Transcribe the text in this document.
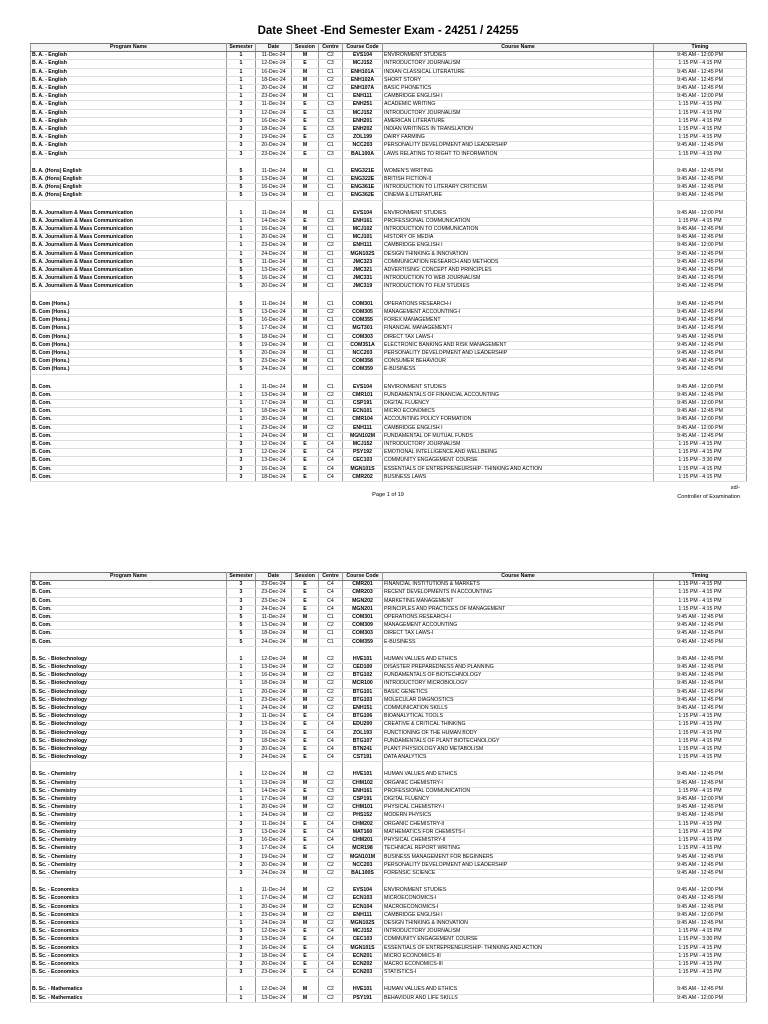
Date Sheet -End Semester Exam - 24251 / 24255
Program Name	Semester	Date	Session	Centre	Course Code	Course Name	Timing
B. A. - English	1	11-Dec-24	M	C2	EVS104	ENVIRONMENT STUDIES	9:45 AM - 12:00 PM
B. A. - English	1	12-Dec-24	E	C3	MCJ152	INTRODUCTORY JOURNALISM	1:15 PM - 4:15 PM
B. A. - English	1	16-Dec-24	M	C1	ENH101A	INDIAN CLASSICAL LITERATURE	9:45 AM - 12:45 PM
B. A. - English	1	18-Dec-24	M	C2	ENH102A	SHORT STORY	9:45 AM - 12:45 PM
B. A. - English	1	20-Dec-24	M	C2	ENH107A	BASIC PHONETICS	9:45 AM - 12:45 PM
B. A. - English	1	23-Dec-24	M	C1	ENH111	CAMBRIDGE ENGLISH I	9:45 AM - 12:00 PM
B. A. - English	3	11-Dec-24	E	C3	ENH251	ACADEMIC WRITING	1:15 PM - 4:15 PM
B. A. - English	3	12-Dec-24	E	C3	MCJ152	INTRODUCTORY JOURNALISM	1:15 PM - 4:15 PM
B. A. - English	3	16-Dec-24	E	C3	ENH201	AMERICAN LITERATURE	1:15 PM - 4:15 PM
B. A. - English	3	18-Dec-24	E	C3	ENH202	INDIAN WRITINGS IN TRANSLATION	1:15 PM - 4:15 PM
B. A. - English	3	19-Dec-24	E	C3	ZOL199	DAIRY FARMING	1:15 PM - 4:15 PM
B. A. - English	3	20-Dec-24	M	C1	NCC203	PERSONALITY DEVELOPMENT AND LEADERSHIP	9:45 AM - 12:45 PM
B. A. - English	3	23-Dec-24	E	C3	BAL100A	LAWS RELATING TO RIGHT TO INFORMATION	1:15 PM - 4:15 PM

B. A. (Hons) English	5	11-Dec-24	M	C1	ENG321E	WOMEN'S WRITING	9:45 AM - 12:45 PM
B. A. (Hons) English	5	13-Dec-24	M	C1	ENG322E	BRITISH FICTION-II	9:45 AM - 12:45 PM
B. A. (Hons) English	5	16-Dec-24	M	C1	ENG361E	INTRODUCTION TO LITERARY CRITICISM	9:45 AM - 12:45 PM
B. A. (Hons) English	5	19-Dec-24	M	C1	ENG362E	CINEMA & LITERATURE	9:45 AM - 12:45 PM

B. A. Journalism & Mass Communication	1	11-Dec-24	M	C1	EVS104	ENVIRONMENT STUDIES	9:45 AM - 12:00 PM
B. A. Journalism & Mass Communication	1	14-Dec-24	E	C3	ENH161	PROFESSIONAL COMMUNICATION	1:15 PM - 4:15 PM
B. A. Journalism & Mass Communication	1	16-Dec-24	M	C1	MCJ102	INTRODUCTION TO COMMUNICATION	9:45 AM - 12:45 PM
B. A. Journalism & Mass Communication	1	20-Dec-24	M	C1	MCJ101	HISTORY OF MEDIA	9:45 AM - 12:45 PM
B. A. Journalism & Mass Communication	1	23-Dec-24	M	C2	ENH111	CAMBRIDGE ENGLISH I	9:45 AM - 12:00 PM
B. A. Journalism & Mass Communication	1	24-Dec-24	M	C1	MGN102S	DESIGN THINKING & INNOVATION	9:45 AM - 12:45 PM
B. A. Journalism & Mass Communication	5	11-Dec-24	M	C1	JMC323	COMMUNICATION RESEARCH AND METHODS	9:45 AM - 12:45 PM
B. A. Journalism & Mass Communication	5	13-Dec-24	M	C1	JMC321	ADVERTISING: CONCEPT AND PRINCIPLES	9:45 AM - 12:45 PM
B. A. Journalism & Mass Communication	5	16-Dec-24	M	C1	JMC331	INTRODUCTION TO WEB JOURNALISM	9:45 AM - 12:45 PM
B. A. Journalism & Mass Communication	5	20-Dec-24	M	C1	JMC319	INTRODUCTION TO FILM STUDIES	9:45 AM - 12:45 PM

B. Com (Hons.)	5	11-Dec-24	M	C1	COM301	OPERATIONS RESEARCH-I	9:45 AM - 12:45 PM
B. Com (Hons.)	5	13-Dec-24	M	C2	COM305	MANAGEMENT ACCOUNTING-I	9:45 AM - 12:45 PM
B. Com (Hons.)	5	16-Dec-24	M	C1	COM355	FOREX MANAGEMENT	9:45 AM - 12:45 PM
B. Com (Hons.)	5	17-Dec-24	M	C1	MGT301	FINANCIAL MANAGEMENT-I	9:45 AM - 12:45 PM
B. Com (Hons.)	5	18-Dec-24	M	C1	COM303	DIRECT TAX LAWS-I	9:45 AM - 12:45 PM
B. Com (Hons.)	5	19-Dec-24	M	C1	COM351A	ELECTRONIC BANKING AND RISK MANAGEMENT	9:45 AM - 12:45 PM
B. Com (Hons.)	5	20-Dec-24	M	C1	NCC203	PERSONALITY DEVELOPMENT AND LEADERSHIP	9:45 AM - 12:45 PM
B. Com (Hons.)	5	23-Dec-24	M	C1	COM358	CONSUMER BEHAVIOUR	9:45 AM - 12:45 PM
B. Com (Hons.)	5	24-Dec-24	M	C1	COM359	E-BUSINESS	9:45 AM - 12:45 PM

B. Com.	1	11-Dec-24	M	C1	EVS104	ENVIRONMENT STUDIES	9:45 AM - 12:00 PM
B. Com.	1	13-Dec-24	M	C2	CMR101	FUNDAMENTALS OF FINANCIAL ACCOUNTING	9:45 AM - 12:45 PM
B. Com.	1	17-Dec-24	M	C1	CSP191	DIGITAL FLUENCY	9:45 AM - 12:00 PM
B. Com.	1	18-Dec-24	M	C1	ECN101	MICRO ECONOMICS	9:45 AM - 12:45 PM
B. Com.	1	20-Dec-24	M	C1	CMR104	ACCOUNTING POLICY FORMATION	9:45 AM - 12:00 PM
B. Com.	1	23-Dec-24	M	C2	ENH111	CAMBRIDGE ENGLISH I	9:45 AM - 12:00 PM
B. Com.	1	24-Dec-24	M	C1	MGN102M	FUNDAMENTAL OF MUTUAL FUNDS	9:45 AM - 12:45 PM
B. Com.	3	12-Dec-24	E	C4	MCJ152	INTRODUCTORY JOURNALISM	1:15 PM - 4:15 PM
B. Com.	3	12-Dec-24	E	C4	PSY192	EMOTIONAL INTELLIGENCE AND WELLBEING	1:15 PM - 4:15 PM
B. Com.	3	13-Dec-24	E	C4	CEC103	COMMUNITY ENGAGEMENT COURSE	1:15 PM - 3:30 PM
B. Com.	3	16-Dec-24	E	C4	MGN101S	ESSENTIALS OF ENTREPRENEURSHIP- THINKING AND ACTION	1:15 PM - 4:15 PM
B. Com.	3	18-Dec-24	E	C4	CMR202	BUSINESS LAWS	1:15 PM - 4:15 PM
Page 1 of 19
sd/-
Controller of Examination
Program Name	Semester	Date	Session	Centre	Course Code	Course Name	Timing
B. Com.	3	23-Dec-24	E	C4	CMR201	FINANCIAL INSTITUTIONS & MARKETS	1:15 PM - 4:15 PM
B. Com.	3	23-Dec-24	E	C4	CMR203	RECENT DEVELOPMENTS IN ACCOUNTING	1:15 PM - 4:15 PM
B. Com.	3	23-Dec-24	E	C4	MGN202	MARKETING MANAGEMENT	1:15 PM - 4:15 PM
B. Com.	3	24-Dec-24	E	C4	MGN201	PRINCIPLES AND PRACTICES OF MANAGEMENT	1:15 PM - 4:15 PM
B. Com.	5	11-Dec-24	M	C1	COM301	OPERATIONS RESEARCH-I	9:45 AM - 12:45 PM
B. Com.	5	13-Dec-24	M	C2	COM309	MANAGEMENT ACCOUNTING	9:45 AM - 12:45 PM
B. Com.	5	18-Dec-24	M	C1	COM303	DIRECT TAX LAWS-I	9:45 AM - 12:45 PM
B. Com.	5	24-Dec-24	M	C1	COM359	E-BUSINESS	9:45 AM - 12:45 PM

B. Sc. - Biotechnology	1	12-Dec-24	M	C2	HVE101	HUMAN VALUES AND ETHICS	9:45 AM - 12:45 PM
B. Sc. - Biotechnology	1	13-Dec-24	M	C2	CED100	DISASTER PREPAREDNESS AND PLANNING	9:45 AM - 12:45 PM
B. Sc. - Biotechnology	1	16-Dec-24	M	C2	BTG102	FUNDAMENTALS OF BIOTECHNOLOGY	9:45 AM - 12:45 PM
B. Sc. - Biotechnology	1	18-Dec-24	M	C2	MCR100	INTRODUCTORY MICROBIOLOGY	9:45 AM - 12:45 PM
B. Sc. - Biotechnology	1	20-Dec-24	M	C2	BTG101	BASIC GENETICS	9:45 AM - 12:45 PM
B. Sc. - Biotechnology	1	23-Dec-24	M	C2	BTG103	MOLECULAR DIAGNOSTICS	9:45 AM - 12:45 PM
B. Sc. - Biotechnology	1	24-Dec-24	M	C2	ENH151	COMMUNICATION SKILLS	9:45 AM - 12:45 PM
B. Sc. - Biotechnology	3	11-Dec-24	E	C4	BTG106	BIOANALYTICAL TOOLS	1:15 PM - 4:15 PM
B. Sc. - Biotechnology	3	13-Dec-24	E	C4	EDU200	CREATIVE & CRITICAL THINKING	1:15 PM - 4:15 PM
B. Sc. - Biotechnology	3	16-Dec-24	E	C4	ZOL193	FUNCTIONING OF THE HUMAN BODY	1:15 PM - 4:15 PM
B. Sc. - Biotechnology	3	18-Dec-24	E	C4	BTG107	FUNDAMENTALS OF PLANT BIOTECHNOLOGY	1:15 PM - 4:15 PM
B. Sc. - Biotechnology	3	20-Dec-24	E	C4	BTN241	PLANT PHYSIOLOGY AND METABOLISM	1:15 PM - 4:15 PM
B. Sc. - Biotechnology	3	24-Dec-24	E	C4	CST191	DATA ANALYTICS	1:15 PM - 4:15 PM

B. Sc. - Chemistry	1	12-Dec-24	M	C2	HVE101	HUMAN VALUES AND ETHICS	9:45 AM - 12:45 PM
B. Sc. - Chemistry	1	13-Dec-24	M	C2	CHM102	ORGANIC CHEMISTRY-I	9:45 AM - 12:45 PM
B. Sc. - Chemistry	1	14-Dec-24	E	C3	ENH161	PROFESSIONAL COMMUNICATION	1:15 PM - 4:15 PM
B. Sc. - Chemistry	1	17-Dec-24	M	C2	CSP191	DIGITAL FLUENCY	9:45 AM - 12:00 PM
B. Sc. - Chemistry	1	20-Dec-24	M	C2	CHM101	PHYSICAL CHEMISTRY-I	9:45 AM - 12:45 PM
B. Sc. - Chemistry	1	24-Dec-24	M	C2	PHS152	MODERN PHYSICS	9:45 AM - 12:45 PM
B. Sc. - Chemistry	3	11-Dec-24	E	C4	CHM202	ORGANIC CHEMISTRY-II	1:15 PM - 4:15 PM
B. Sc. - Chemistry	3	13-Dec-24	E	C4	MAT160	MATHEMATICS FOR CHEMISTS-I	1:15 PM - 4:15 PM
B. Sc. - Chemistry	3	16-Dec-24	E	C4	CHM201	PHYSICAL CHEMISTRY-II	1:15 PM - 4:15 PM
B. Sc. - Chemistry	3	17-Dec-24	E	C4	MCR198	TECHNICAL REPORT WRITING	1:15 PM - 4:15 PM
B. Sc. - Chemistry	3	19-Dec-24	M	C2	MGN101M	BUSINESS MANAGEMENT FOR BEGINNERS	9:45 AM - 12:45 PM
B. Sc. - Chemistry	3	20-Dec-24	M	C2	NCC203	PERSONALITY DEVELOPMENT AND LEADERSHIP	9:45 AM - 12:45 PM
B. Sc. - Chemistry	3	24-Dec-24	M	C2	BAL100S	FORENSIC SCIENCE	9:45 AM - 12:45 PM

B. Sc. - Economics	1	11-Dec-24	M	C2	EVS104	ENVIRONMENT STUDIES	9:45 AM - 12:00 PM
B. Sc. - Economics	1	17-Dec-24	M	C2	ECN103	MICROECONOMICS-I	9:45 AM - 12:45 PM
B. Sc. - Economics	1	20-Dec-24	M	C2	ECN104	MACROECONOMICS-I	9:45 AM - 12:45 PM
B. Sc. - Economics	1	23-Dec-24	M	C2	ENH111	CAMBRIDGE ENGLISH I	9:45 AM - 12:00 PM
B. Sc. - Economics	1	24-Dec-24	M	C2	MGN102S	DESIGN THINKING & INNOVATION	9:45 AM - 12:45 PM
B. Sc. - Economics	3	12-Dec-24	E	C4	MCJ152	INTRODUCTORY JOURNALISM	1:15 PM - 4:15 PM
B. Sc. - Economics	3	13-Dec-24	E	C4	CEC103	COMMUNITY ENGAGEMENT COURSE	1:15 PM - 3:30 PM
B. Sc. - Economics	3	16-Dec-24	E	C4	MGN101S	ESSENTIALS OF ENTREPRENEURSHIP- THINKING AND ACTION	1:15 PM - 4:15 PM
B. Sc. - Economics	3	18-Dec-24	E	C4	ECN201	MICRO ECONOMICS-III	1:15 PM - 4:15 PM
B. Sc. - Economics	3	20-Dec-24	E	C4	ECN202	MACRO ECONOMICS-III	1:15 PM - 4:15 PM
B. Sc. - Economics	3	23-Dec-24	E	C4	ECN203	STATISTICS-I	1:15 PM - 4:15 PM

B. Sc. - Mathematics	1	12-Dec-24	M	C2	HVE101	HUMAN VALUES AND ETHICS	9:45 AM - 12:45 PM
B. Sc. - Mathematics	1	13-Dec-24	M	C2	PSY191	BEHAVIOUR AND LIFE SKILLS	9:45 AM - 12:00 PM
